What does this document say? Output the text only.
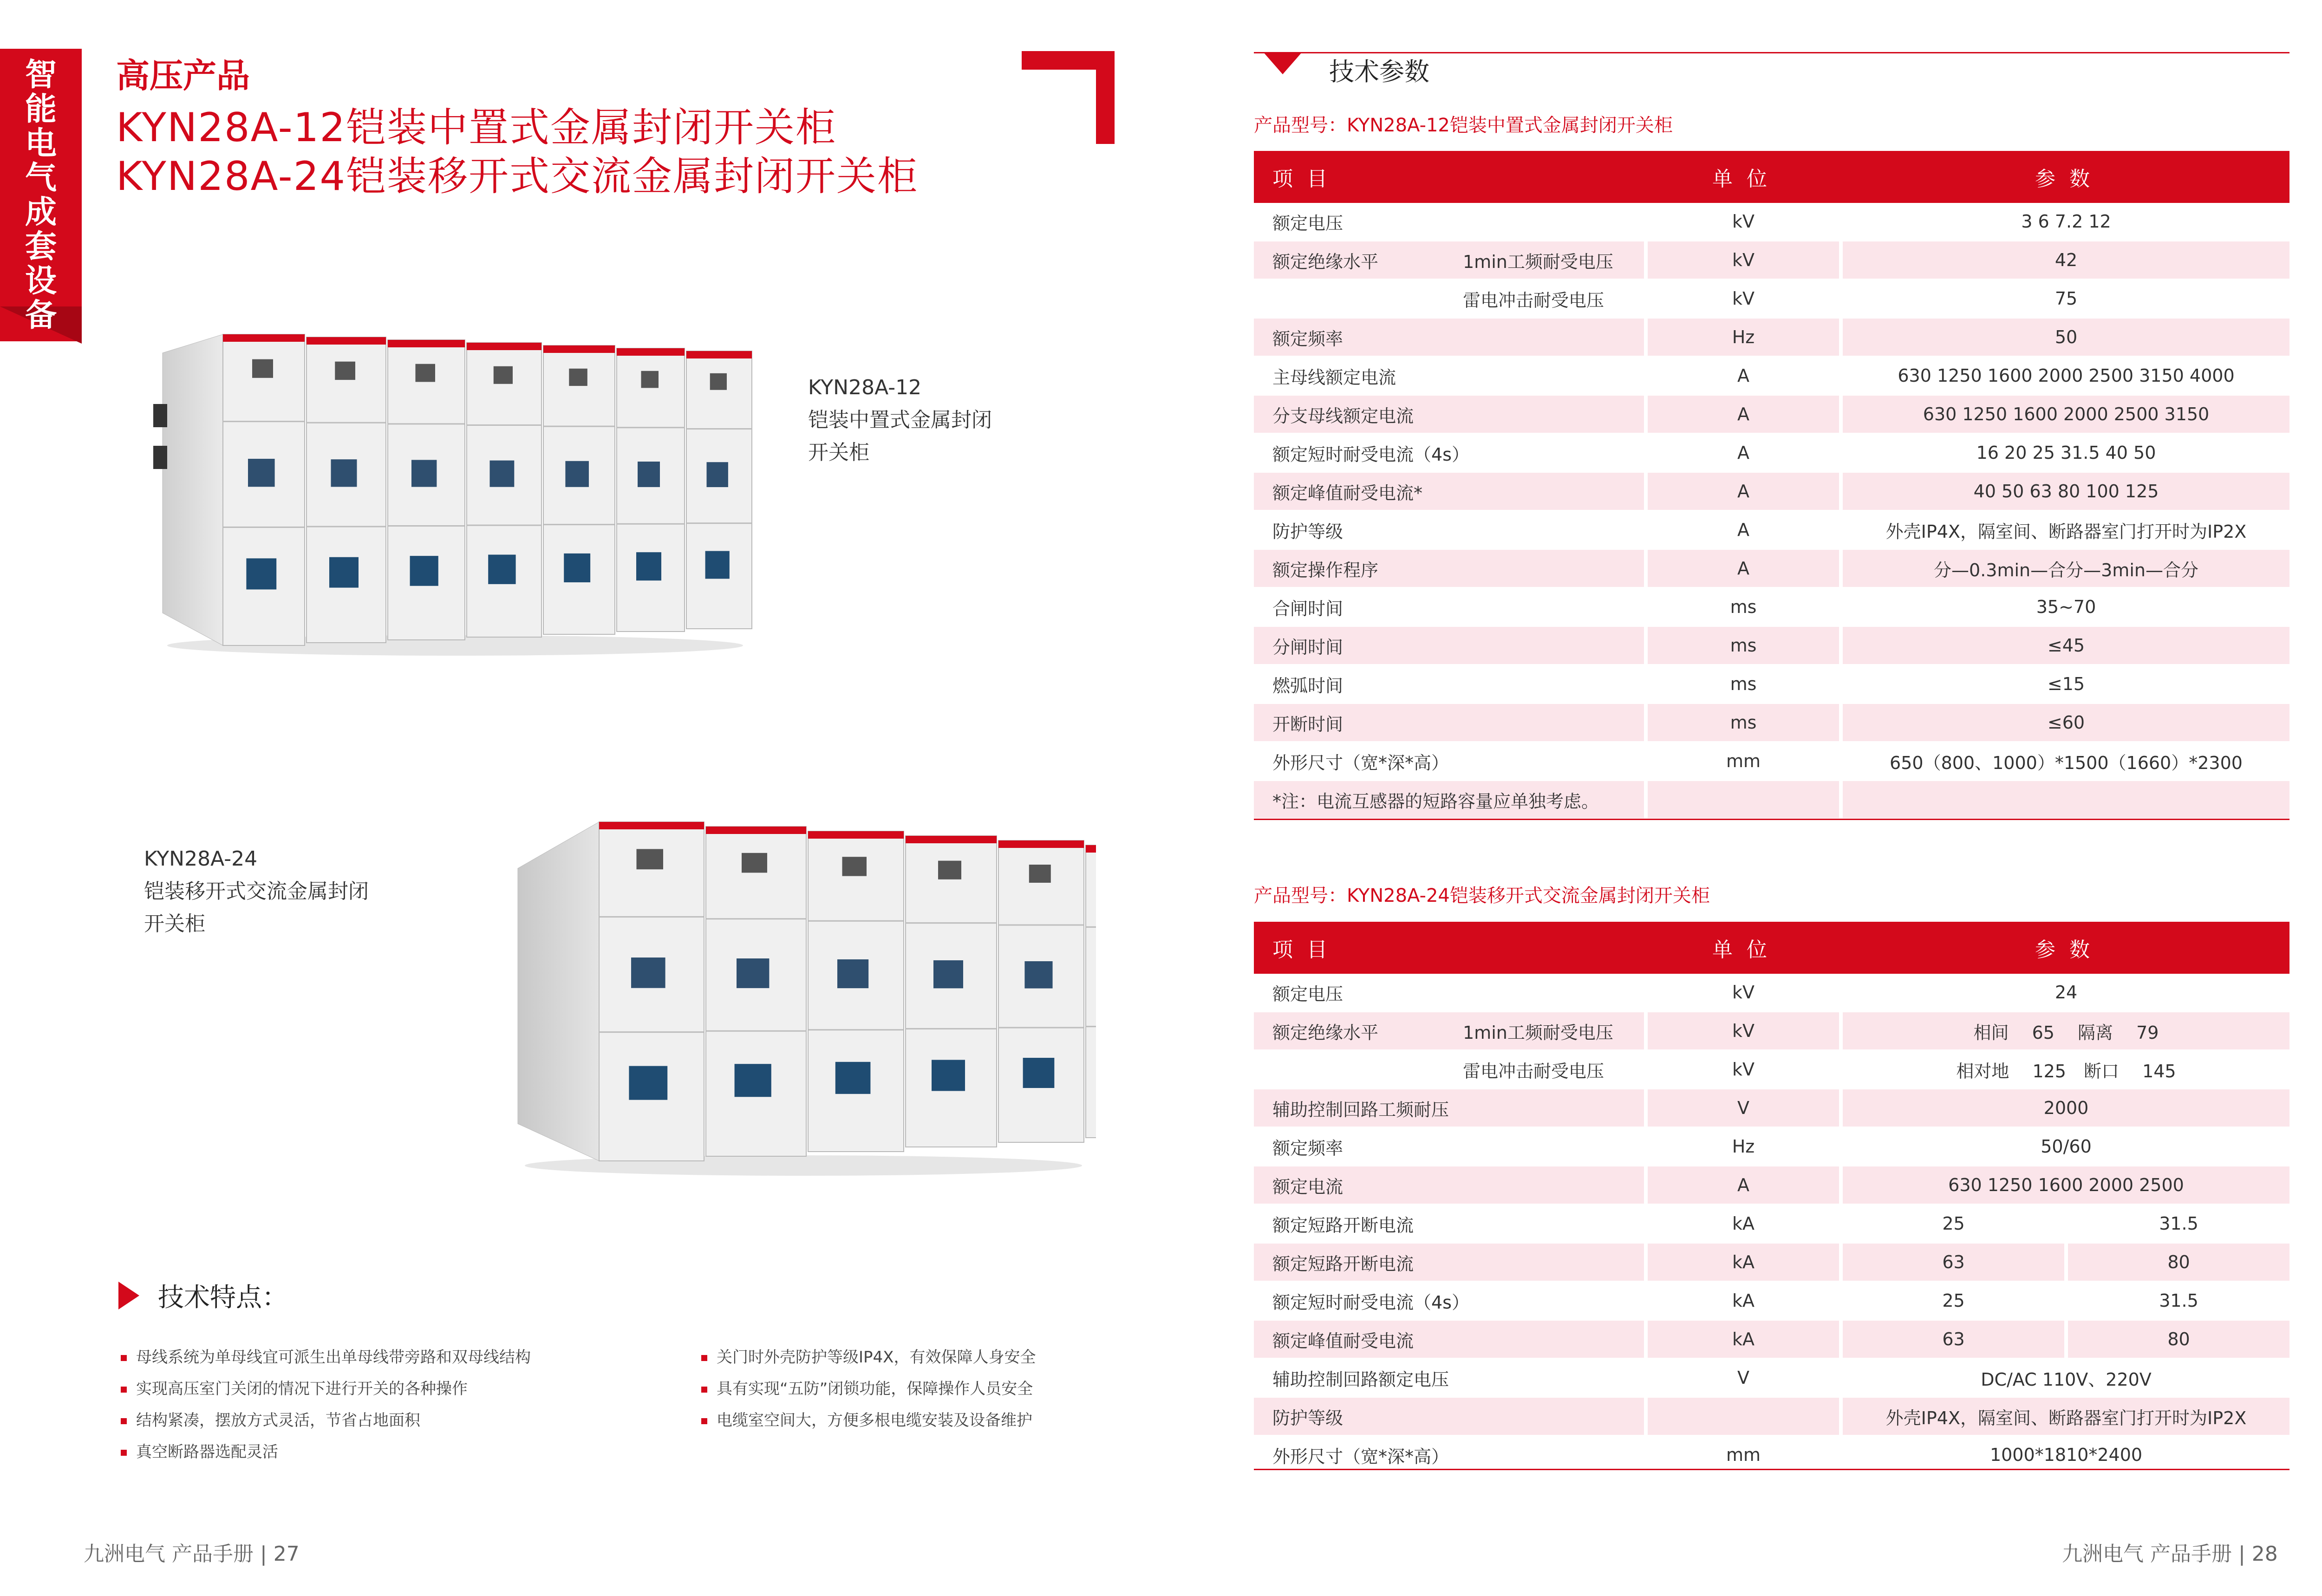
智
能
电
气
成
套
设
备
高压产品
KYN28A-12铠装中置式金属封闭开关柜
KYN28A-24铠装移开式交流金属封闭开关柜
KYN28A-12
铠装中置式金属封闭
开关柜
KYN28A-24
铠装移开式交流金属封闭
开关柜
技术特点：
母线系统为单母线宜可派生出单母线带旁路和双母线结构
实现高压室门关闭的情况下进行开关的各种操作
结构紧凑，摆放方式灵活，节省占地面积
真空断路器选配灵活
关门时外壳防护等级IP4X，有效保障人身安全
具有实现“五防”闭锁功能，保障操作人员安全
电缆室空间大，方便多根电缆安装及设备维护
九洲电气 产品手册 | 27
技术参数
产品型号：KYN28A-12铠装中置式金属封闭开关柜
项 目	单 位	参 数
额定电压	kV	3 6 7.2 12
额定绝缘水平 1min工频耐受电压	kV	42
雷电冲击耐受电压	kV	75
额定频率	Hz	50
主母线额定电流	A	630 1250 1600 2000 2500 3150 4000
分支母线额定电流	A	630 1250 1600 2000 2500 3150
额定短时耐受电流（4s）	A	16 20 25 31.5 40 50
额定峰值耐受电流*	A	40 50 63 80 100 125
防护等级	A	外壳IP4X，隔室间、断路器室门打开时为IP2X
额定操作程序	A	分—0.3min—合分—3min—合分
合闸时间	ms	35~70
分闸时间	ms	≤45
燃弧时间	ms	≤15
开断时间	ms	≤60
外形尺寸（宽*深*高）	mm	650（800、1000）*1500（1660）*2300
*注：电流互感器的短路容量应单独考虑。		
产品型号：KYN28A-24铠装移开式交流金属封闭开关柜
项 目	单 位	参 数	
额定电压	kV	24	
额定绝缘水平 1min工频耐受电压	kV	相间　 65　 隔离　 79	
雷电冲击耐受电压	kV	相对地　 125　断口　 145	
辅助控制回路工频耐压	V	2000	
额定频率	Hz	50/60	
额定电流	A	630 1250 1600 2000 2500	
额定短路开断电流	kA	25	31.5
额定短路开断电流	kA	63	80
额定短时耐受电流（4s）	kA	25	31.5
额定峰值耐受电流	kA	63	80
辅助控制回路额定电压	V	DC/AC 110V、220V	
防护等级		外壳IP4X，隔室间、断路器室门打开时为IP2X	
外形尺寸（宽*深*高）	mm	1000*1810*2400	
九洲电气 产品手册 | 28
